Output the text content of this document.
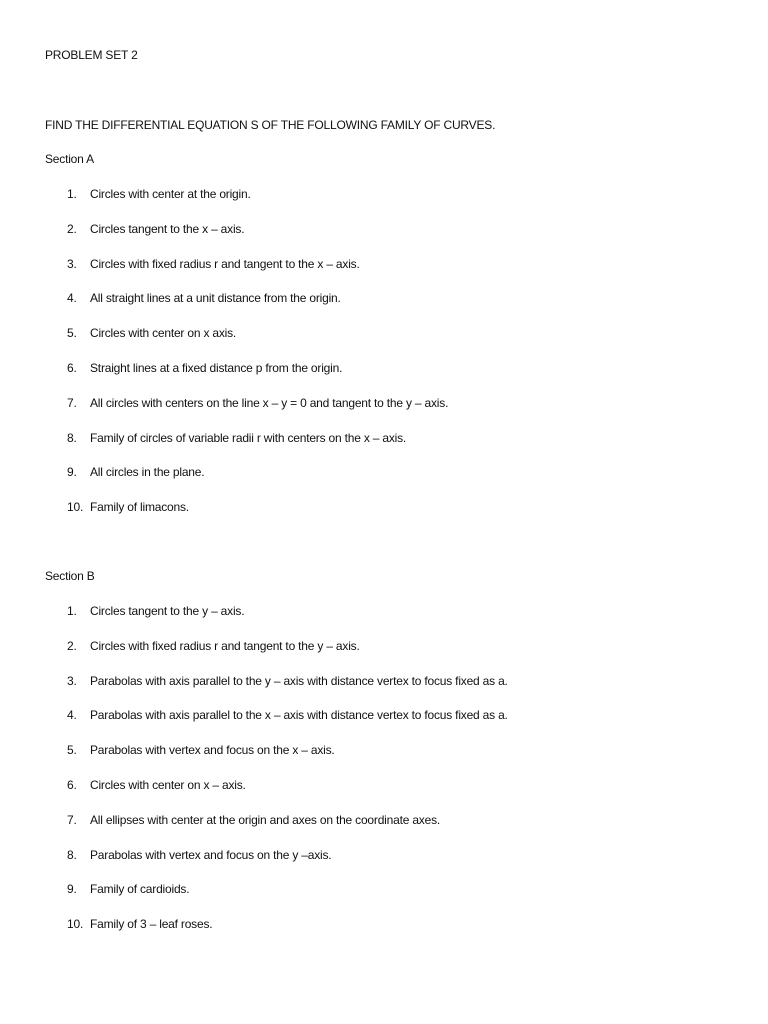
PROBLEM SET 2
FIND THE DIFFERENTIAL EQUATION S OF THE FOLLOWING FAMILY OF CURVES.
Section A
1. Circles with center at the origin.
2. Circles tangent to the x – axis.
3. Circles with fixed radius r and tangent to the x – axis.
4. All straight lines at a unit distance from the origin.
5. Circles with center on x axis.
6. Straight lines at a fixed distance p from the origin.
7. All circles with centers on the line x – y = 0 and tangent to the y – axis.
8. Family of circles of variable radii r with centers on the x – axis.
9. All circles in the plane.
10. Family of limacons.
Section B
1. Circles tangent to the y – axis.
2. Circles with fixed radius r and tangent to the y – axis.
3. Parabolas with axis parallel to the y – axis with distance vertex to focus fixed as a.
4. Parabolas with axis parallel to the x – axis with distance vertex to focus fixed as a.
5. Parabolas with vertex and focus on the x – axis.
6. Circles with center on x – axis.
7. All ellipses with center at the origin and axes on the coordinate axes.
8. Parabolas with vertex and focus on the y –axis.
9. Family of cardioids.
10. Family of 3 – leaf roses.
